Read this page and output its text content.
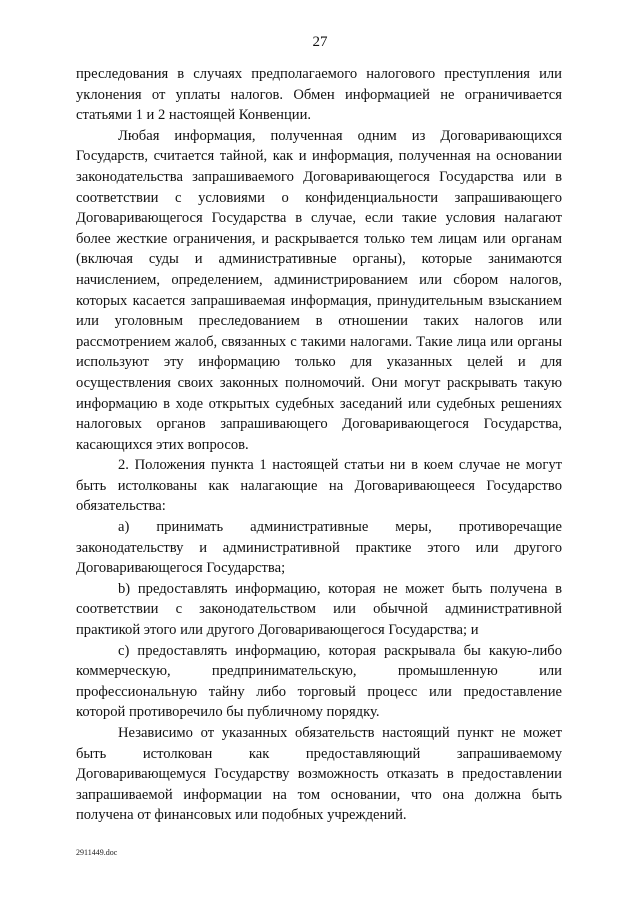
27

преследования в случаях предполагаемого налогового преступления или уклонения от уплаты налогов. Обмен информацией не ограничивается статьями 1 и 2 настоящей Конвенции.

Любая информация, полученная одним из Договаривающихся Государств, считается тайной, как и информация, полученная на основании законодательства запрашиваемого Договаривающегося Государства или в соответствии с условиями о конфиденциальности запрашивающего Договаривающегося Государства в случае, если такие условия налагают более жесткие ограничения, и раскрывается только тем лицам или органам (включая суды и административные органы), которые занимаются начислением, определением, администрированием или сбором налогов, которых касается запрашиваемая информация, принудительным взысканием или уголовным преследованием в отношении таких налогов или рассмотрением жалоб, связанных с такими налогами. Такие лица или органы используют эту информацию только для указанных целей и для осуществления своих законных полномочий. Они могут раскрывать такую информацию в ходе открытых судебных заседаний или судебных решениях налоговых органов запрашивающего Договаривающегося Государства, касающихся этих вопросов.

2. Положения пункта 1 настоящей статьи ни в коем случае не могут быть истолкованы как налагающие на Договаривающееся Государство обязательства:

a) принимать административные меры, противоречащие законодательству и административной практике этого или другого Договаривающегося Государства;

b) предоставлять информацию, которая не может быть получена в соответствии с законодательством или обычной административной практикой этого или другого Договаривающегося Государства; и

c) предоставлять информацию, которая раскрывала бы какую-либо коммерческую, предпринимательскую, промышленную или профессиональную тайну либо торговый процесс или предоставление которой противоречило бы публичному порядку.

Независимо от указанных обязательств настоящий пункт не может быть истолкован как предоставляющий запрашиваемому Договаривающемуся Государству возможность отказать в предоставлении запрашиваемой информации на том основании, что она должна быть получена от финансовых или подобных учреждений.

2911449.doc
